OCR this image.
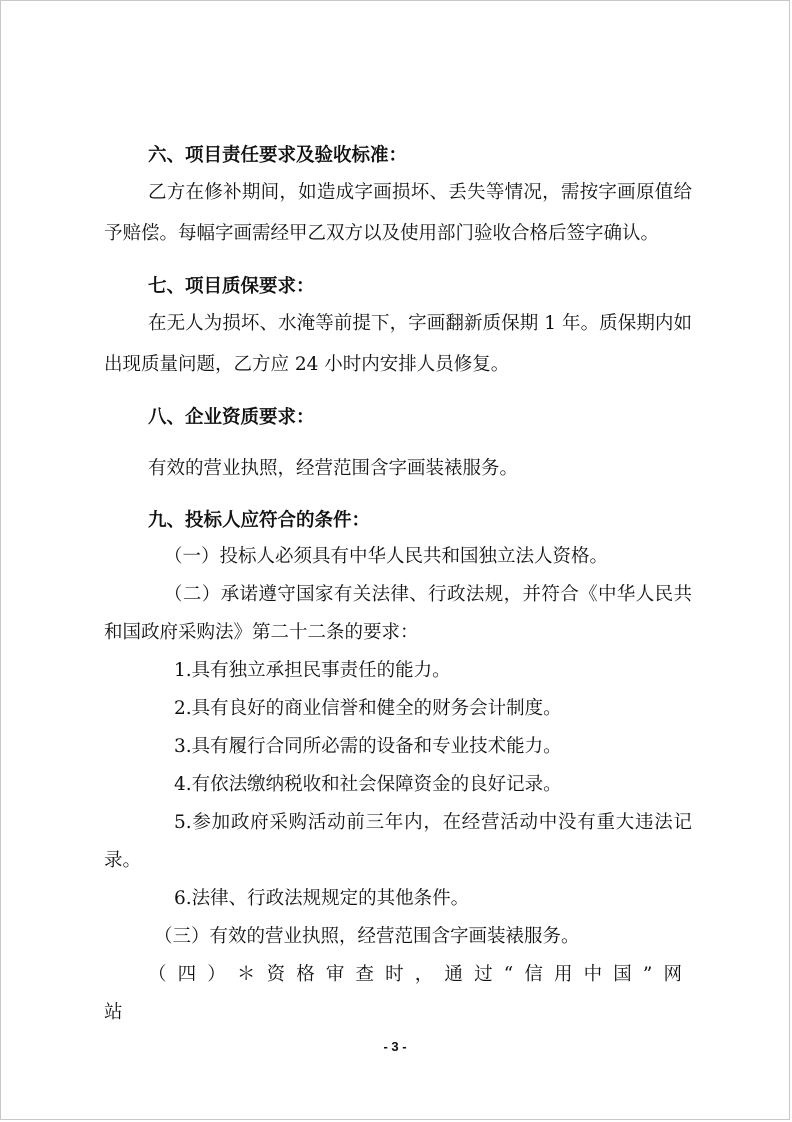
六、项目责任要求及验收标准：

乙方在修补期间，如造成字画损坏、丢失等情况，需按字画原值给予赔偿。每幅字画需经甲乙双方以及使用部门验收合格后签字确认。

七、项目质保要求：

在无人为损坏、水淹等前提下，字画翻新质保期 1 年。质保期内如出现质量问题，乙方应 24 小时内安排人员修复。

八、企业资质要求：

有效的营业执照，经营范围含字画装裱服务。

九、投标人应符合的条件：

（一）投标人必须具有中华人民共和国独立法人资格。

（二）承诺遵守国家有关法律、行政法规，并符合《中华人民共和国政府采购法》第二十二条的要求：

1.具有独立承担民事责任的能力。

2.具有良好的商业信誉和健全的财务会计制度。

3.具有履行合同所必需的设备和专业技术能力。

4.有依法缴纳税收和社会保障资金的良好记录。

5.参加政府采购活动前三年内，在经营活动中没有重大违法记录。

6.法律、行政法规规定的其他条件。

（三）有效的营业执照，经营范围含字画装裱服务。

（四）＊资格审查时，通过“信用中国”网站

- 3 -
